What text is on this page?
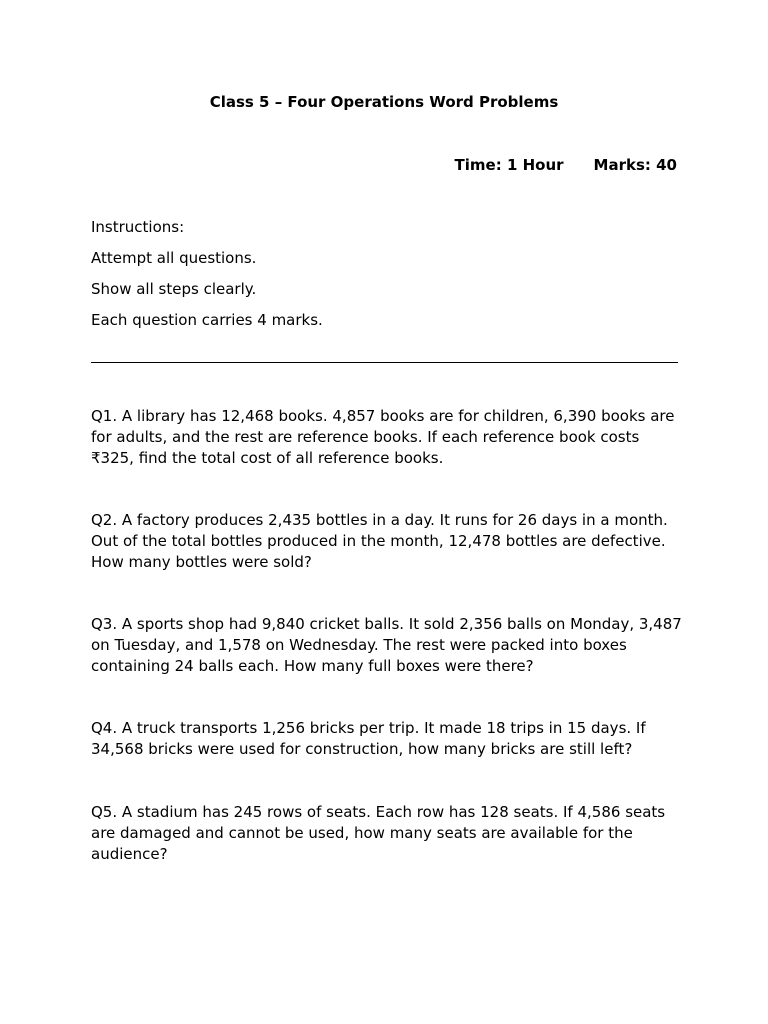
Class 5 – Four Operations Word Problems
Time: 1 Hour Marks: 40
Instructions:
Attempt all questions.
Show all steps clearly.
Each question carries 4 marks.

Q1. A library has 12,468 books. 4,857 books are for children, 6,390 books are for adults, and the rest are reference books. If each reference book costs ₹325, find the total cost of all reference books.

Q2. A factory produces 2,435 bottles in a day. It runs for 26 days in a month. Out of the total bottles produced in the month, 12,478 bottles are defective. How many bottles were sold?

Q3. A sports shop had 9,840 cricket balls. It sold 2,356 balls on Monday, 3,487 on Tuesday, and 1,578 on Wednesday. The rest were packed into boxes containing 24 balls each. How many full boxes were there?

Q4. A truck transports 1,256 bricks per trip. It made 18 trips in 15 days. If 34,568 bricks were used for construction, how many bricks are still left?

Q5. A stadium has 245 rows of seats. Each row has 128 seats. If 4,586 seats are damaged and cannot be used, how many seats are available for the audience?
